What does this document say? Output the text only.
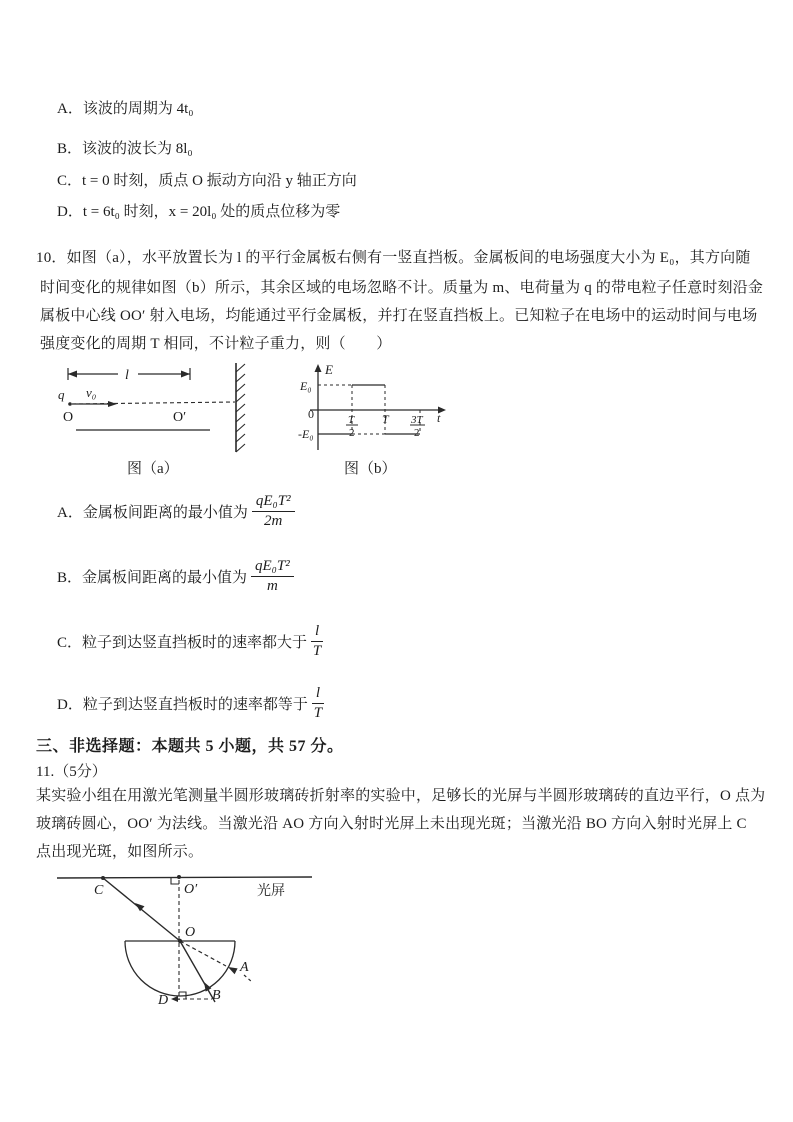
A．该波的周期为 4t₀
B．该波的波长为 8l₀
C．t = 0 时刻，质点 O 振动方向沿 y 轴正方向
D．t = 6t₀ 时刻，x = 20l₀ 处的质点位移为零
10．如图（a），水平放置长为 l 的平行金属板右侧有一竖直挡板。金属板间的电场强度大小为 E₀，其方向随
时间变化的规律如图（b）所示，其余区域的电场忽略不计。质量为 m、电荷量为 q 的带电粒子任意时刻沿金
属板中心线 OO′ 射入电场，均能通过平行金属板，并打在竖直挡板上。已知粒子在电场中的运动时间与电场
强度变化的周期 T 相同，不计粒子重力，则（　　）
l
q v₀
O	O′
E
t
E₀
0
-E₀
T
2
T 3T
2
图（a）	图（b）
A．金属板间距离的最小值为 $\frac{\text{qE₀T²}}{2m}$
B．金属板间距离的最小值为 $\frac{\text{qE₀T²}}{m}$
C．粒子到达竖直挡板时的速率都大于 $\frac{l}{T}$
D．粒子到达竖直挡板时的速率都等于 $\frac{l}{T}$
三、非选择题：本题共 5 小题，共 57 分。
11.（5分）
某实验小组在用激光笔测量半圆形玻璃砖折射率的实验中，足够长的光屏与半圆形玻璃砖的直边平行，O 点为
玻璃砖圆心，OO′ 为法线。当激光沿 AO 方向入射时光屏上未出现光斑；当激光沿 BO 方向入射时光屏上 C
点出现光斑，如图所示。
光屏
C	O′
O
B
A
D
